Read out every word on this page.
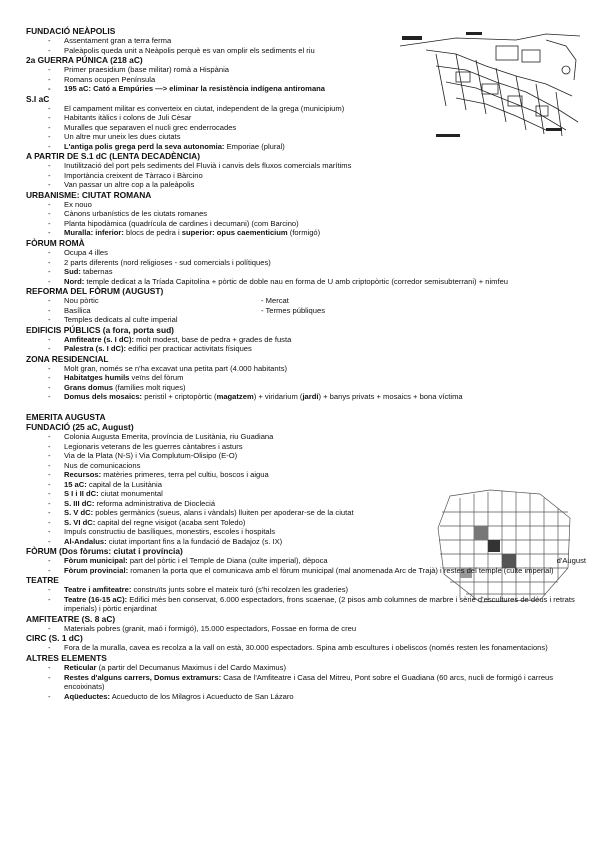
FUNDACIÓ NEÀPOLIS
- Assentament gran a terra ferma
- Paleàpolis queda unit a Neàpolis perquè es van omplir els sediments el riu
2a GUERRA PÚNICA (218 aC)
- Primer praesidium (base militar) romà a Hispània
- Romans ocupen Península
- 195 aC: Cató a Empúries —> eliminar la resistència indígena antiromana
S.I aC
- El campament militar es converteix en ciutat, independent de la grega (municipium)
- Habitants itàlics i colons de Juli Cèsar
- Muralles que separaven el nucli grec enderrocades
- Un altre mur uneix les dues ciutats
- L'antiga polis grega perd la seva autonomia: Emporiae (plural)
A PARTIR DE S.1 dC (LENTA DECADÈNCIA)
- Inutilització del port pels sediments del Fluvià i canvis dels fluxos comercials marítims
- Importància creixent de Tàrraco i Bàrcino
- Van passar un altre cop a la paleàpolis
URBANISME: CIUTAT ROMANA
- Ex nouo
- Cànons urbanístics de les ciutats romanes
- Planta hipodàmica (quadrícula de cardines i decumani) (com Barcino)
- Muralla: inferior: blocs de pedra i superior: opus caementicium (formigó)
FÒRUM ROMÀ
- Ocupa 4 illes
- 2 parts diferents (nord religioses - sud comercials i polítiques)
- Sud: tabernas
- Nord: temple dedicat a la Tríada Capitolina + pòrtic de doble nau en forma de U amb criptopòrtic (corredor semisubterrani) + nimfeu
REFORMA DEL FÒRUM (AUGUST)
- Nou pòrtic	- Mercat
- Basílica	- Termes públiques
- Temples dedicats al culte imperial
EDIFICIS PÚBLICS (a fora, porta sud)
- Amfiteatre (s. I dC): molt modest, base de pedra + grades de fusta
- Palestra (s. I dC): edifici per practicar activitats físiques
ZONA RESIDENCIAL
- Molt gran, només se n'ha excavat una petita part (4.000 habitants)
- Habitatges humils veïns del fòrum
- Grans domus (famílies molt riques)
- Domus dels mosaics: peristil + criptopòrtic (magatzem) + viridarium (jardí) + banys privats + mosaics + bona víctima
EMERITA AUGUSTA
FUNDACIÓ (25 aC, August)
- Colonia Augusta Emerita, província de Lusitània, riu Guadiana
- Legionaris veterans de les guerres càntabres i asturs
- Via de la Plata (N-S) i Via Complutum-Olisipo (E-O)
- Nus de comunicacions
- Recursos: matèries primeres, terra pel cultiu, boscos i aigua
- 15 aC: capital de la Lusitània
- S I i II dC: ciutat monumental
- S. III dC: reforma administrativa de Diocleciá
- S. V dC: pobles germànics (sueus, alans i vàndals) lluiten per apoderar-se de la ciutat
- S. VI dC: capital del regne visigot (acaba sent Toledo)
- Impuls constructiu de basíliques, monestirs, escoles i hospitals
- Al-Andalus: ciutat important fins a la fundació de Badajoz (s. IX)
FÒRUM (Dos fòrums: ciutat i província)
- Fòrum municipal: part del pòrtic i el Temple de Diana (culte imperial), dèpoca	d'August
- Fòrum provincial: romanen la porta que el comunicava amb el fòrum municipal (mal anomenada Arc de Trajà) i restes del temple (culte imperial)
TEATRE
- Teatre i amfiteatre: construïts junts sobre el mateix turó (s'hi recolzen les graderies)
- Teatre (16-15 aC): Edifici més ben conservat, 6.000 espectadors, frons scaenae, (2 pisos amb columnes de marbre i sèrie d'escultures de déus i retrats imperials) i pòrtic enjardinat
AMFITEATRE (S. 8 aC)
- Materials pobres (granit, maó i formigó), 15.000 espectadors, Fossae en forma de creu
CIRC (S. 1 dC)
- Fora de la muralla, cavea es recolza a la vall on està, 30.000 espectadors. Spina amb escultures i obeliscos (només resten les fonamentacions)
ALTRES ELEMENTS
- Reticular (a partir del Decumanus Maximus i del Cardo Maximus)
- Restes d'alguns carrers, Domus extramurs: Casa de l'Amfiteatre i Casa del Mitreu, Pont sobre el Guadiana (60 arcs, nucli de formigó i carreus encoixinats)
- Aqüeductes: Acueducto de los Milagros i Acueducto de San Lázaro
